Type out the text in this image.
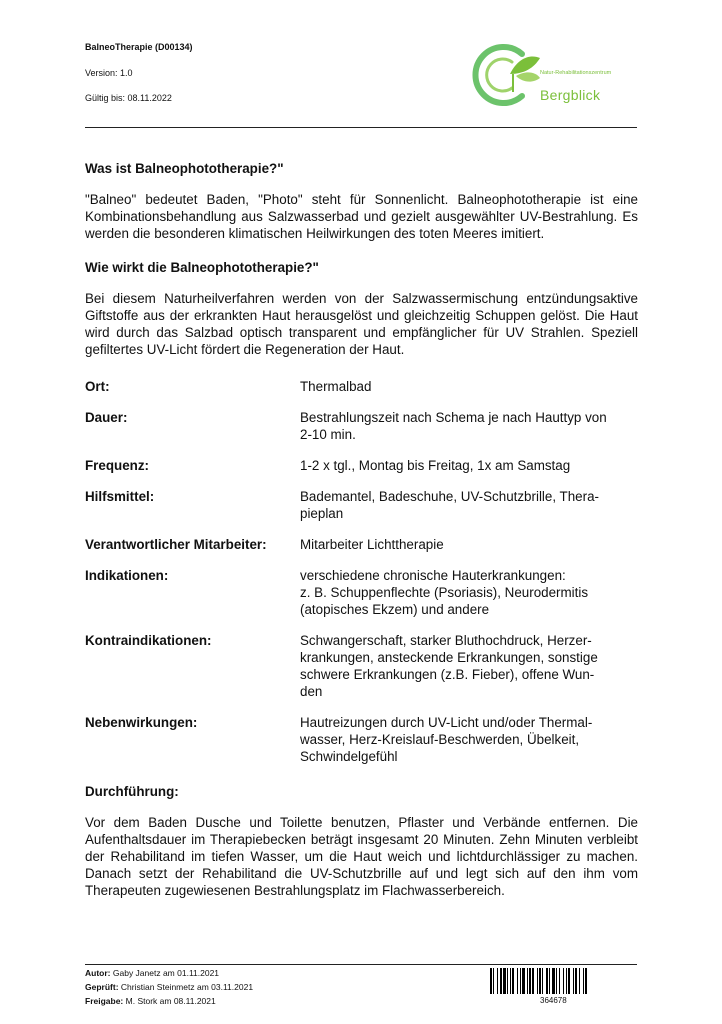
BalneoTherapie (D00134)
Version: 1.0
Gültig bis: 08.11.2022
Natur-Rehabilitationszentrum
Bergblick
Was ist Balneophototherapie?"
"Balneo" bedeutet Baden, "Photo" steht für Sonnenlicht. Balneophototherapie ist eine Kombinationsbehandlung aus Salzwasserbad und gezielt ausgewählter UV-Bestrahlung. Es werden die besonderen klimatischen Heilwirkungen des toten Meeres imitiert.
Wie wirkt die Balneophototherapie?"
Bei diesem Naturheilverfahren werden von der Salzwassermischung entzündungsaktive Giftstoffe aus der erkrankten Haut herausgelöst und gleichzeitig Schuppen gelöst. Die Haut wird durch das Salzbad optisch transparent und empfänglicher für UV Strahlen. Speziell gefiltertes UV-Licht fördert die Regeneration der Haut.
Ort:	Thermalbad
Dauer:	Bestrahlungszeit nach Schema je nach Hauttyp von
2-10 min.
Frequenz:	1-2 x tgl., Montag bis Freitag, 1x am Samstag
Hilfsmittel:	Bademantel, Badeschuhe, UV-Schutzbrille, Thera-
pieplan
Verantwortlicher Mitarbeiter:	Mitarbeiter Lichttherapie
Indikationen:	verschiedene chronische Hauterkrankungen:
z. B. Schuppenflechte (Psoriasis), Neurodermitis
(atopisches Ekzem) und andere
Kontraindikationen:	Schwangerschaft, starker Bluthochdruck, Herzer-
krankungen, ansteckende Erkrankungen, sonstige
schwere Erkrankungen (z.B. Fieber), offene Wun-
den
Nebenwirkungen:	Hautreizungen durch UV-Licht und/oder Thermal-
wasser, Herz-Kreislauf-Beschwerden, Übelkeit,
Schwindelgefühl
Durchführung:
Vor dem Baden Dusche und Toilette benutzen, Pflaster und Verbände entfernen. Die Aufenthaltsdauer im Therapiebecken beträgt insgesamt 20 Minuten. Zehn Minuten verbleibt der Rehabilitand im tiefen Wasser, um die Haut weich und lichtdurchlässiger zu machen. Danach setzt der Rehabilitand die UV-Schutzbrille auf und legt sich auf den ihm vom Therapeuten zugewiesenen Bestrahlungsplatz im Flachwasserbereich.
Autor: Gaby Janetz am 01.11.2021
Geprüft: Christian Steinmetz am 03.11.2021
Freigabe: M. Stork am 08.11.2021	364678
